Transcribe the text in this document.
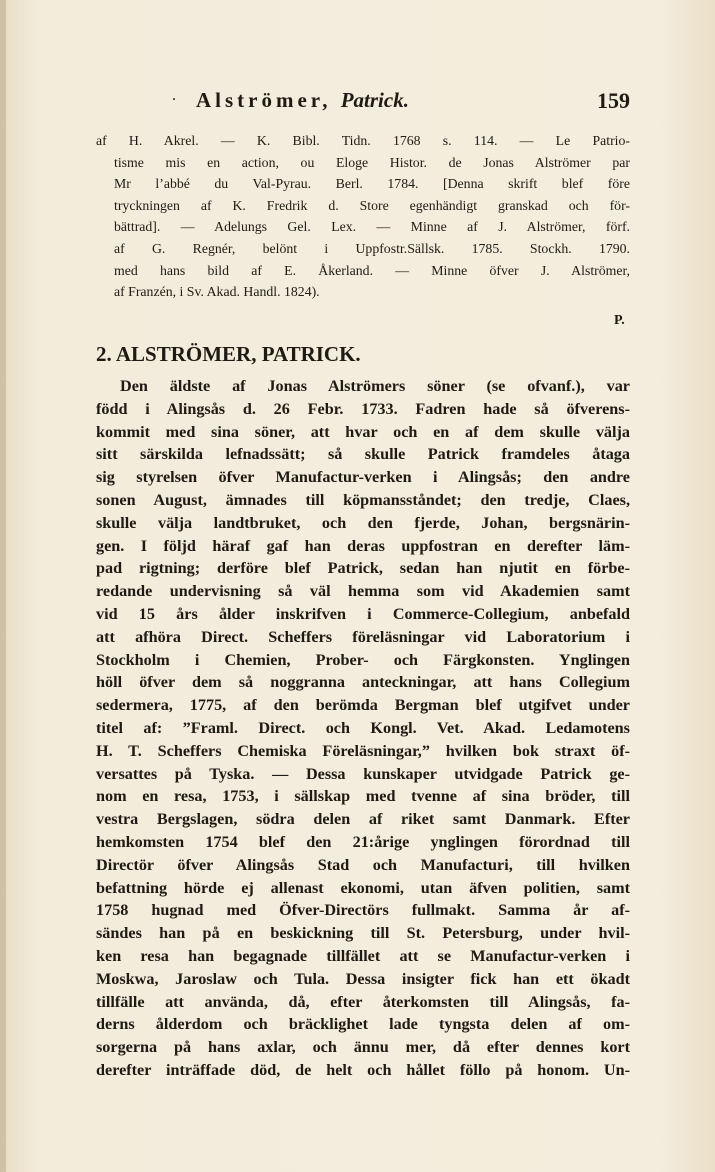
· Alströmer, Patrick.	159
af H. Akrel. — K. Bibl. Tidn. 1768 s. 114. — Le Patrio-
tisme mis en action, ou Eloge Histor. de Jonas Alströmer par
Mr l’abbé du Val-Pyrau. Berl. 1784. [Denna skrift blef före
tryckningen af K. Fredrik d. Store egenhändigt granskad och för-
bättrad]. — Adelungs Gel. Lex. — Minne af J. Alströmer, förf.
af G. Regnér, belönt i Uppfostr.Sällsk. 1785. Stockh. 1790.
med hans bild af E. Åkerland. — Minne öfver J. Alströmer,
af Franzén, i Sv. Akad. Handl. 1824).
P.
2. ALSTRÖMER, PATRICK.
Den äldste af Jonas Alströmers söner (se ofvanf.), var
född i Alingsås d. 26 Febr. 1733. Fadren hade så öfverens-
kommit med sina söner, att hvar och en af dem skulle välja
sitt särskilda lefnadssätt; så skulle Patrick framdeles åtaga
sig styrelsen öfver Manufactur-verken i Alingsås; den andre
sonen August, ämnades till köpmansståndet; den tredje, Claes,
skulle välja landtbruket, och den fjerde, Johan, bergsnärin-
gen. I följd häraf gaf han deras uppfostran en derefter läm-
pad rigtning; derföre blef Patrick, sedan han njutit en förbe-
redande undervisning så väl hemma som vid Akademien samt
vid 15 års ålder inskrifven i Commerce-Collegium, anbefald
att afhöra Direct. Scheffers föreläsningar vid Laboratorium i
Stockholm i Chemien, Prober- och Färgkonsten. Ynglingen
höll öfver dem så noggranna anteckningar, att hans Collegium
sedermera, 1775, af den berömda Bergman blef utgifvet under
titel af: ”Framl. Direct. och Kongl. Vet. Akad. Ledamotens
H. T. Scheffers Chemiska Föreläsningar,” hvilken bok straxt öf-
versattes på Tyska. — Dessa kunskaper utvidgade Patrick ge-
nom en resa, 1753, i sällskap med tvenne af sina bröder, till
vestra Bergslagen, södra delen af riket samt Danmark. Efter
hemkomsten 1754 blef den 21:årige ynglingen förordnad till
Directör öfver Alingsås Stad och Manufacturi, till hvilken
befattning hörde ej allenast ekonomi, utan äfven politien, samt
1758 hugnad med Öfver-Directörs fullmakt. Samma år af-
sändes han på en beskickning till St. Petersburg, under hvil-
ken resa han begagnade tillfället att se Manufactur-verken i
Moskwa, Jaroslaw och Tula. Dessa insigter fick han ett ökadt
tillfälle att använda, då, efter återkomsten till Alingsås, fa-
derns ålderdom och bräcklighet lade tyngsta delen af om-
sorgerna på hans axlar, och ännu mer, då efter dennes kort
derefter inträffade död, de helt och hållet föllo på honom. Un-
